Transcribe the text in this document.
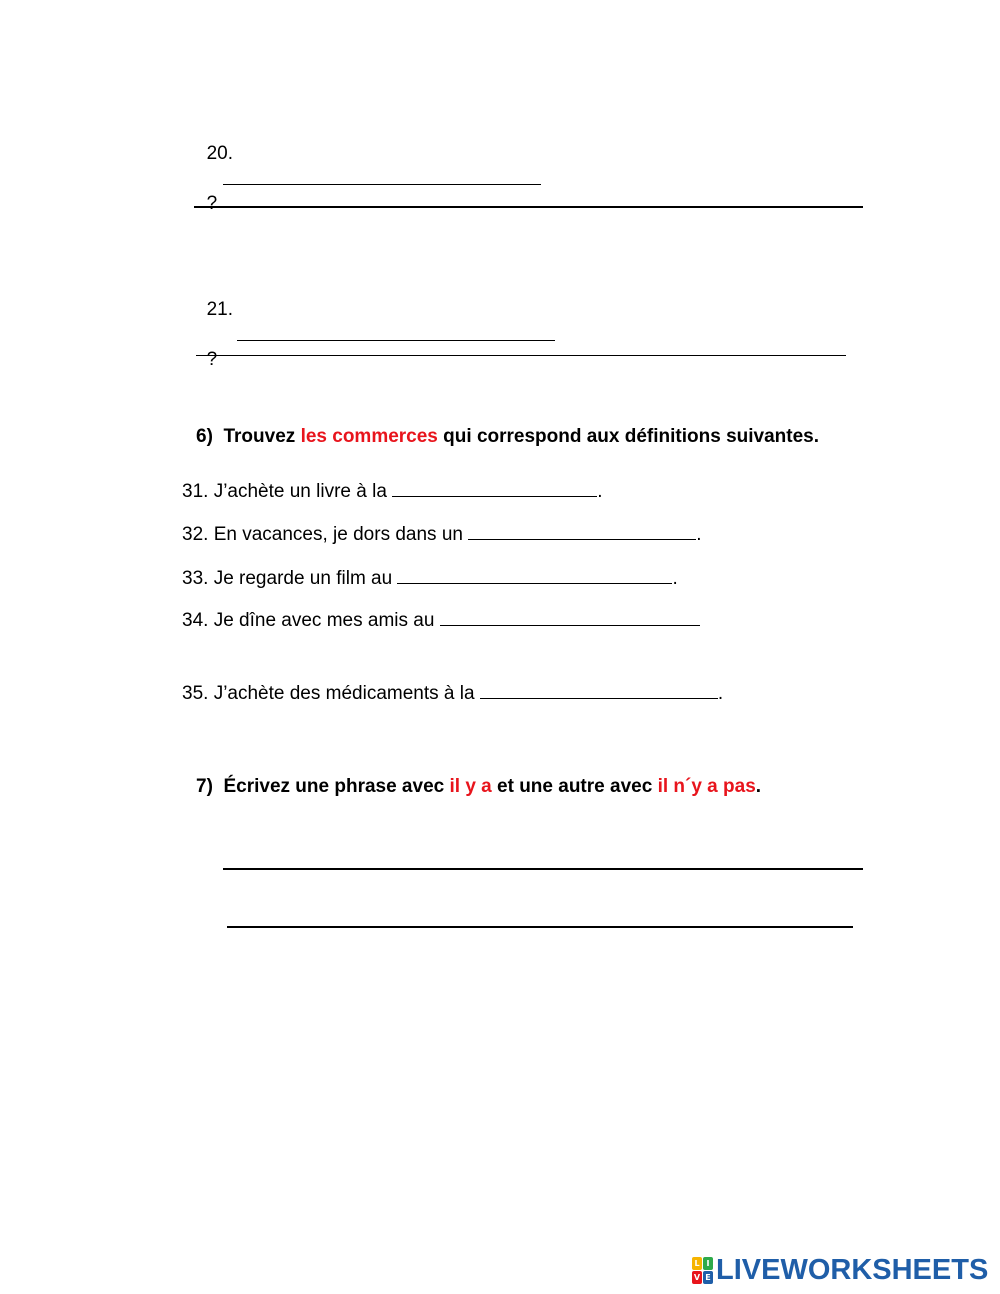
20.

?

21.

?

6) Trouvez les commerces qui correspond aux définitions suivantes.
31. J’achète un livre à la	.
32. En vacances, je dors dans un	.
33. Je regarde un film au	.
34. Je dîne avec mes amis au
35. J’achète des médicaments à la	.
7) Écrivez une phrase avec il y a et une autre avec il n´y a pas.
L I
V E LIVEWORKSHEETS
